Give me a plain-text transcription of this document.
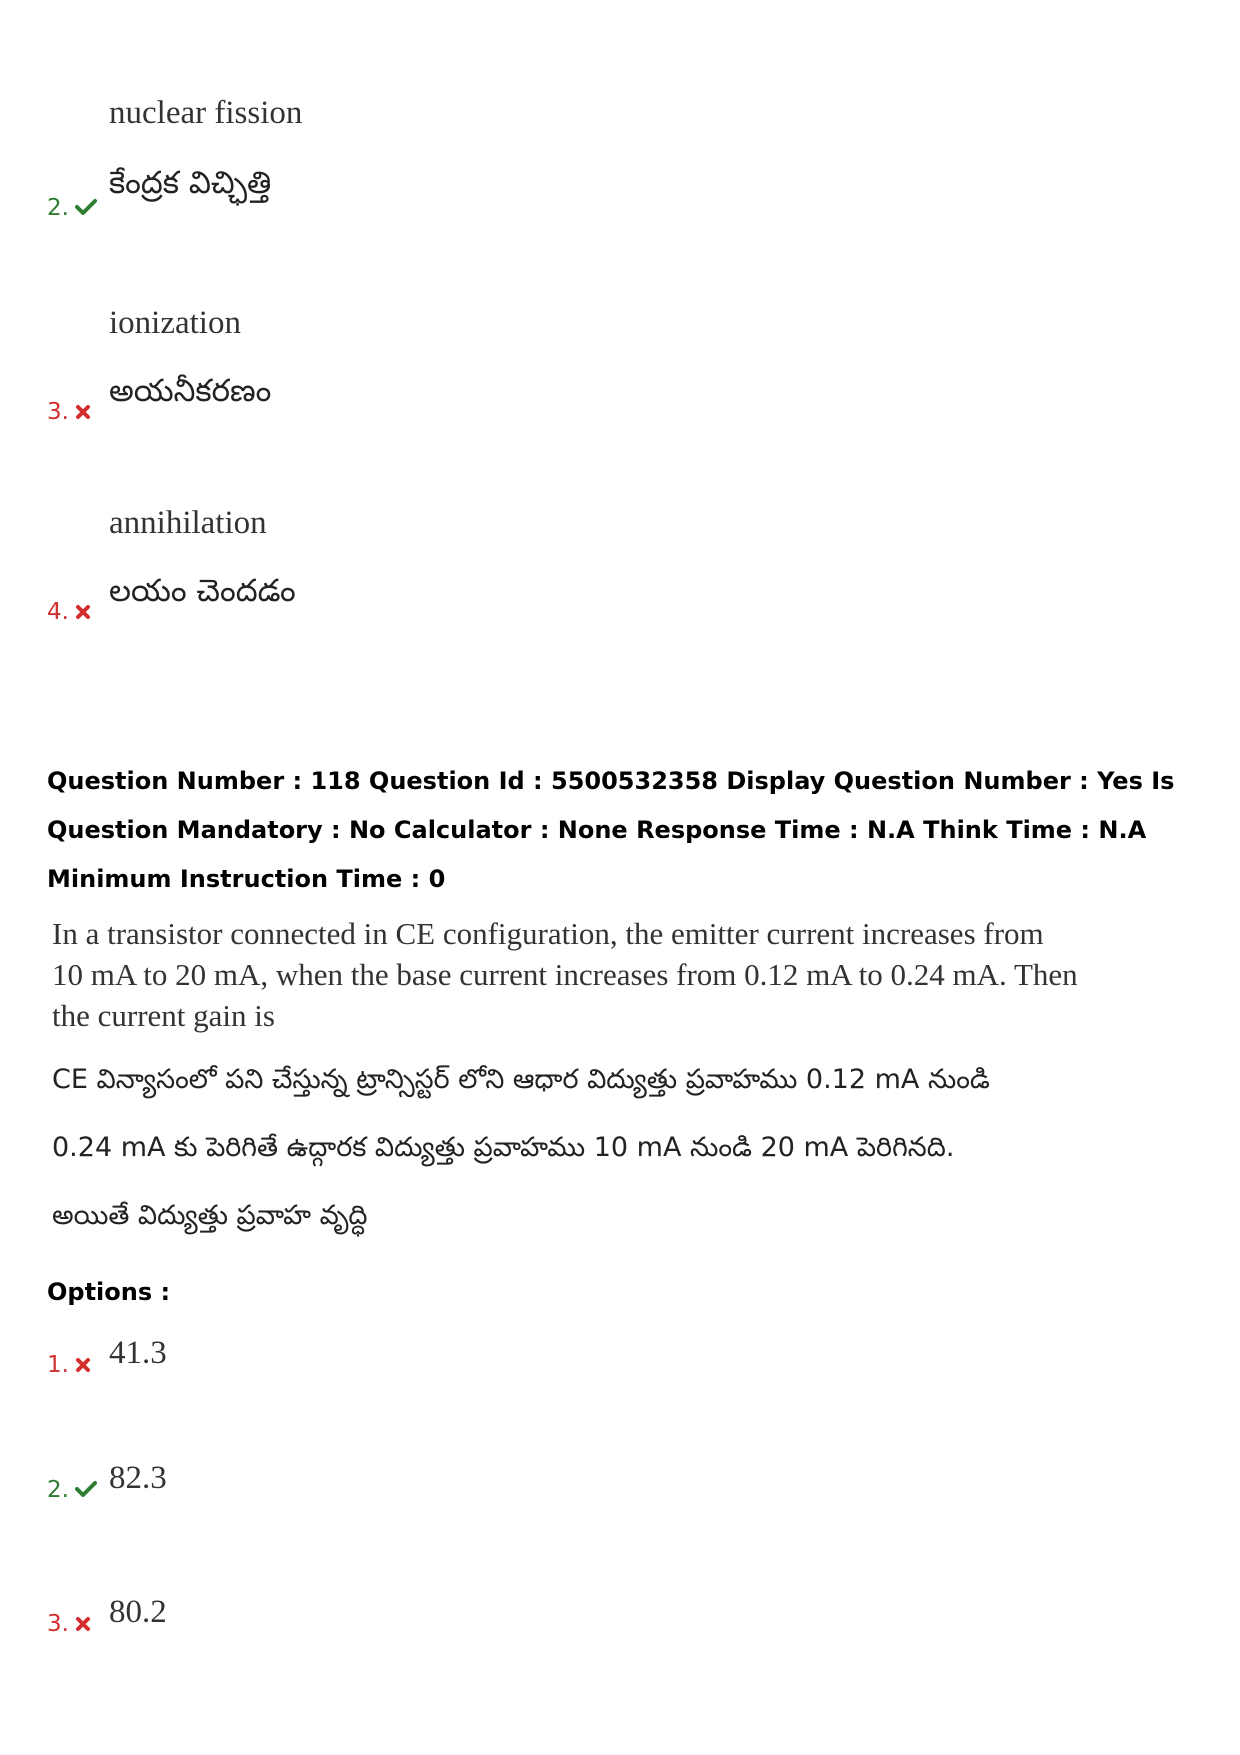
nuclear fission
2.
కేంద్రక విచ్ఛిత్తి
ionization
3.
అయనీకరణం
annihilation
4.
లయం చెందడం

Question Number : 118 Question Id : 5500532358 Display Question Number : Yes Is Question Mandatory : No Calculator : None Response Time : N.A Think Time : N.A Minimum Instruction Time : 0

In a transistor connected in CE configuration, the emitter current increases from
10 mA to 20 mA, when the base current increases from 0.12 mA to 0.24 mA. Then
the current gain is
CE విన్యాసంలో పని చేస్తున్న ట్రాన్సిస్టర్ లోని ఆధార విద్యుత్తు ప్రవాహము 0.12 mA నుండి
0.24 mA కు పెరిగితే ఉద్గారక విద్యుత్తు ప్రవాహము 10 mA నుండి 20 mA పెరిగినది.
అయితే విద్యుత్తు ప్రవాహ వృద్ధి
Options :
1. 41.3
2. 82.3
3. 80.2
